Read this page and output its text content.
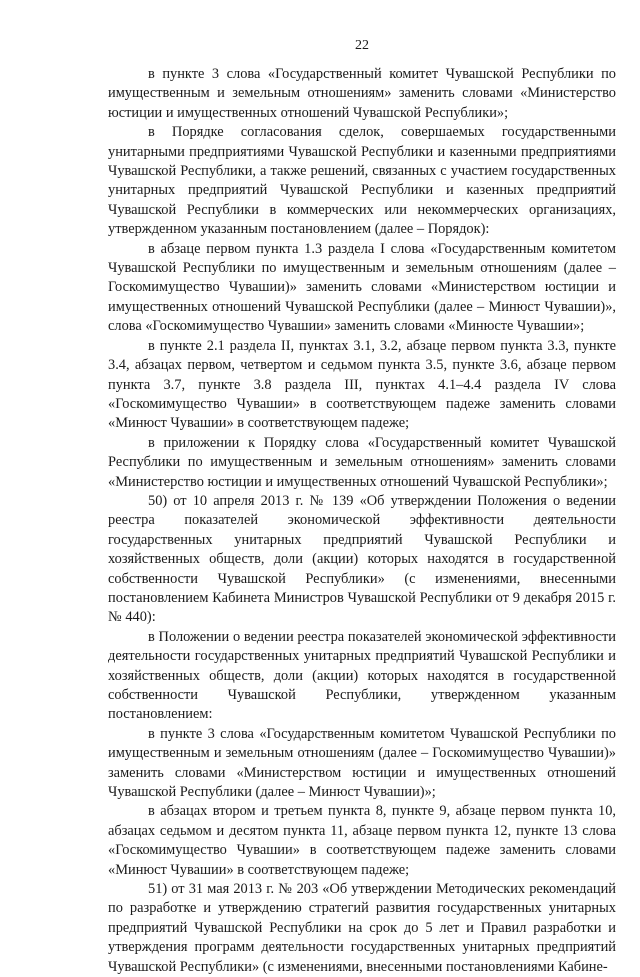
22

в пункте 3 слова «Государственный комитет Чувашской Республики по имущественным и земельным отношениям» заменить словами «Министерство юстиции и имущественных отношений Чувашской Республики»;

в Порядке согласования сделок, совершаемых государственными унитарными предприятиями Чувашской Республики и казенными предприятиями Чувашской Республики, а также решений, связанных с участием государственных унитарных предприятий Чувашской Республики и казенных предприятий Чувашской Республики в коммерческих или некоммерческих организациях, утвержденном указанным постановлением (далее – Порядок):

в абзаце первом пункта 1.3 раздела I слова «Государственным комитетом Чувашской Республики по имущественным и земельным отношениям (далее – Госкомимущество Чувашии)» заменить словами «Министерством юстиции и имущественных отношений Чувашской Республики (далее – Минюст Чувашии)», слова «Госкомимущество Чувашии» заменить словами «Минюсте Чувашии»;

в пункте 2.1 раздела II, пунктах 3.1, 3.2, абзаце первом пункта 3.3, пункте 3.4, абзацах первом, четвертом и седьмом пункта 3.5, пункте 3.6, абзаце первом пункта 3.7, пункте 3.8 раздела III, пунктах 4.1–4.4 раздела IV слова «Госкомимущество Чувашии» в соответствующем падеже заменить словами «Минюст Чувашии» в соответствующем падеже;

в приложении к Порядку слова «Государственный комитет Чувашской Республики по имущественным и земельным отношениям» заменить словами «Министерство юстиции и имущественных отношений Чувашской Республики»;

50) от 10 апреля 2013 г. № 139 «Об утверждении Положения о ведении реестра показателей экономической эффективности деятельности государственных унитарных предприятий Чувашской Республики и хозяйственных обществ, доли (акции) которых находятся в государственной собственности Чувашской Республики» (с изменениями, внесенными постановлением Кабинета Министров Чувашской Республики от 9 декабря 2015 г. № 440):

в Положении о ведении реестра показателей экономической эффективности деятельности государственных унитарных предприятий Чувашской Республики и хозяйственных обществ, доли (акции) которых находятся в государственной собственности Чувашской Республики, утвержденном указанным постановлением:

в пункте 3 слова «Государственным комитетом Чувашской Республики по имущественным и земельным отношениям (далее – Госкомимущество Чувашии)» заменить словами «Министерством юстиции и имущественных отношений Чувашской Республики (далее – Минюст Чувашии)»;

в абзацах втором и третьем пункта 8, пункте 9, абзаце первом пункта 10, абзацах седьмом и десятом пункта 11, абзаце первом пункта 12, пункте 13 слова «Госкомимущество Чувашии» в соответствующем падеже заменить словами «Минюст Чувашии» в соответствующем падеже;

51) от 31 мая 2013 г. № 203 «Об утверждении Методических рекомендаций по разработке и утверждению стратегий развития государственных унитарных предприятий Чувашской Республики на срок до 5 лет и Правил разработки и утверждения программ деятельности государственных унитарных предприятий Чувашской Республики» (с изменениями, внесенными постановлениями Кабине-
